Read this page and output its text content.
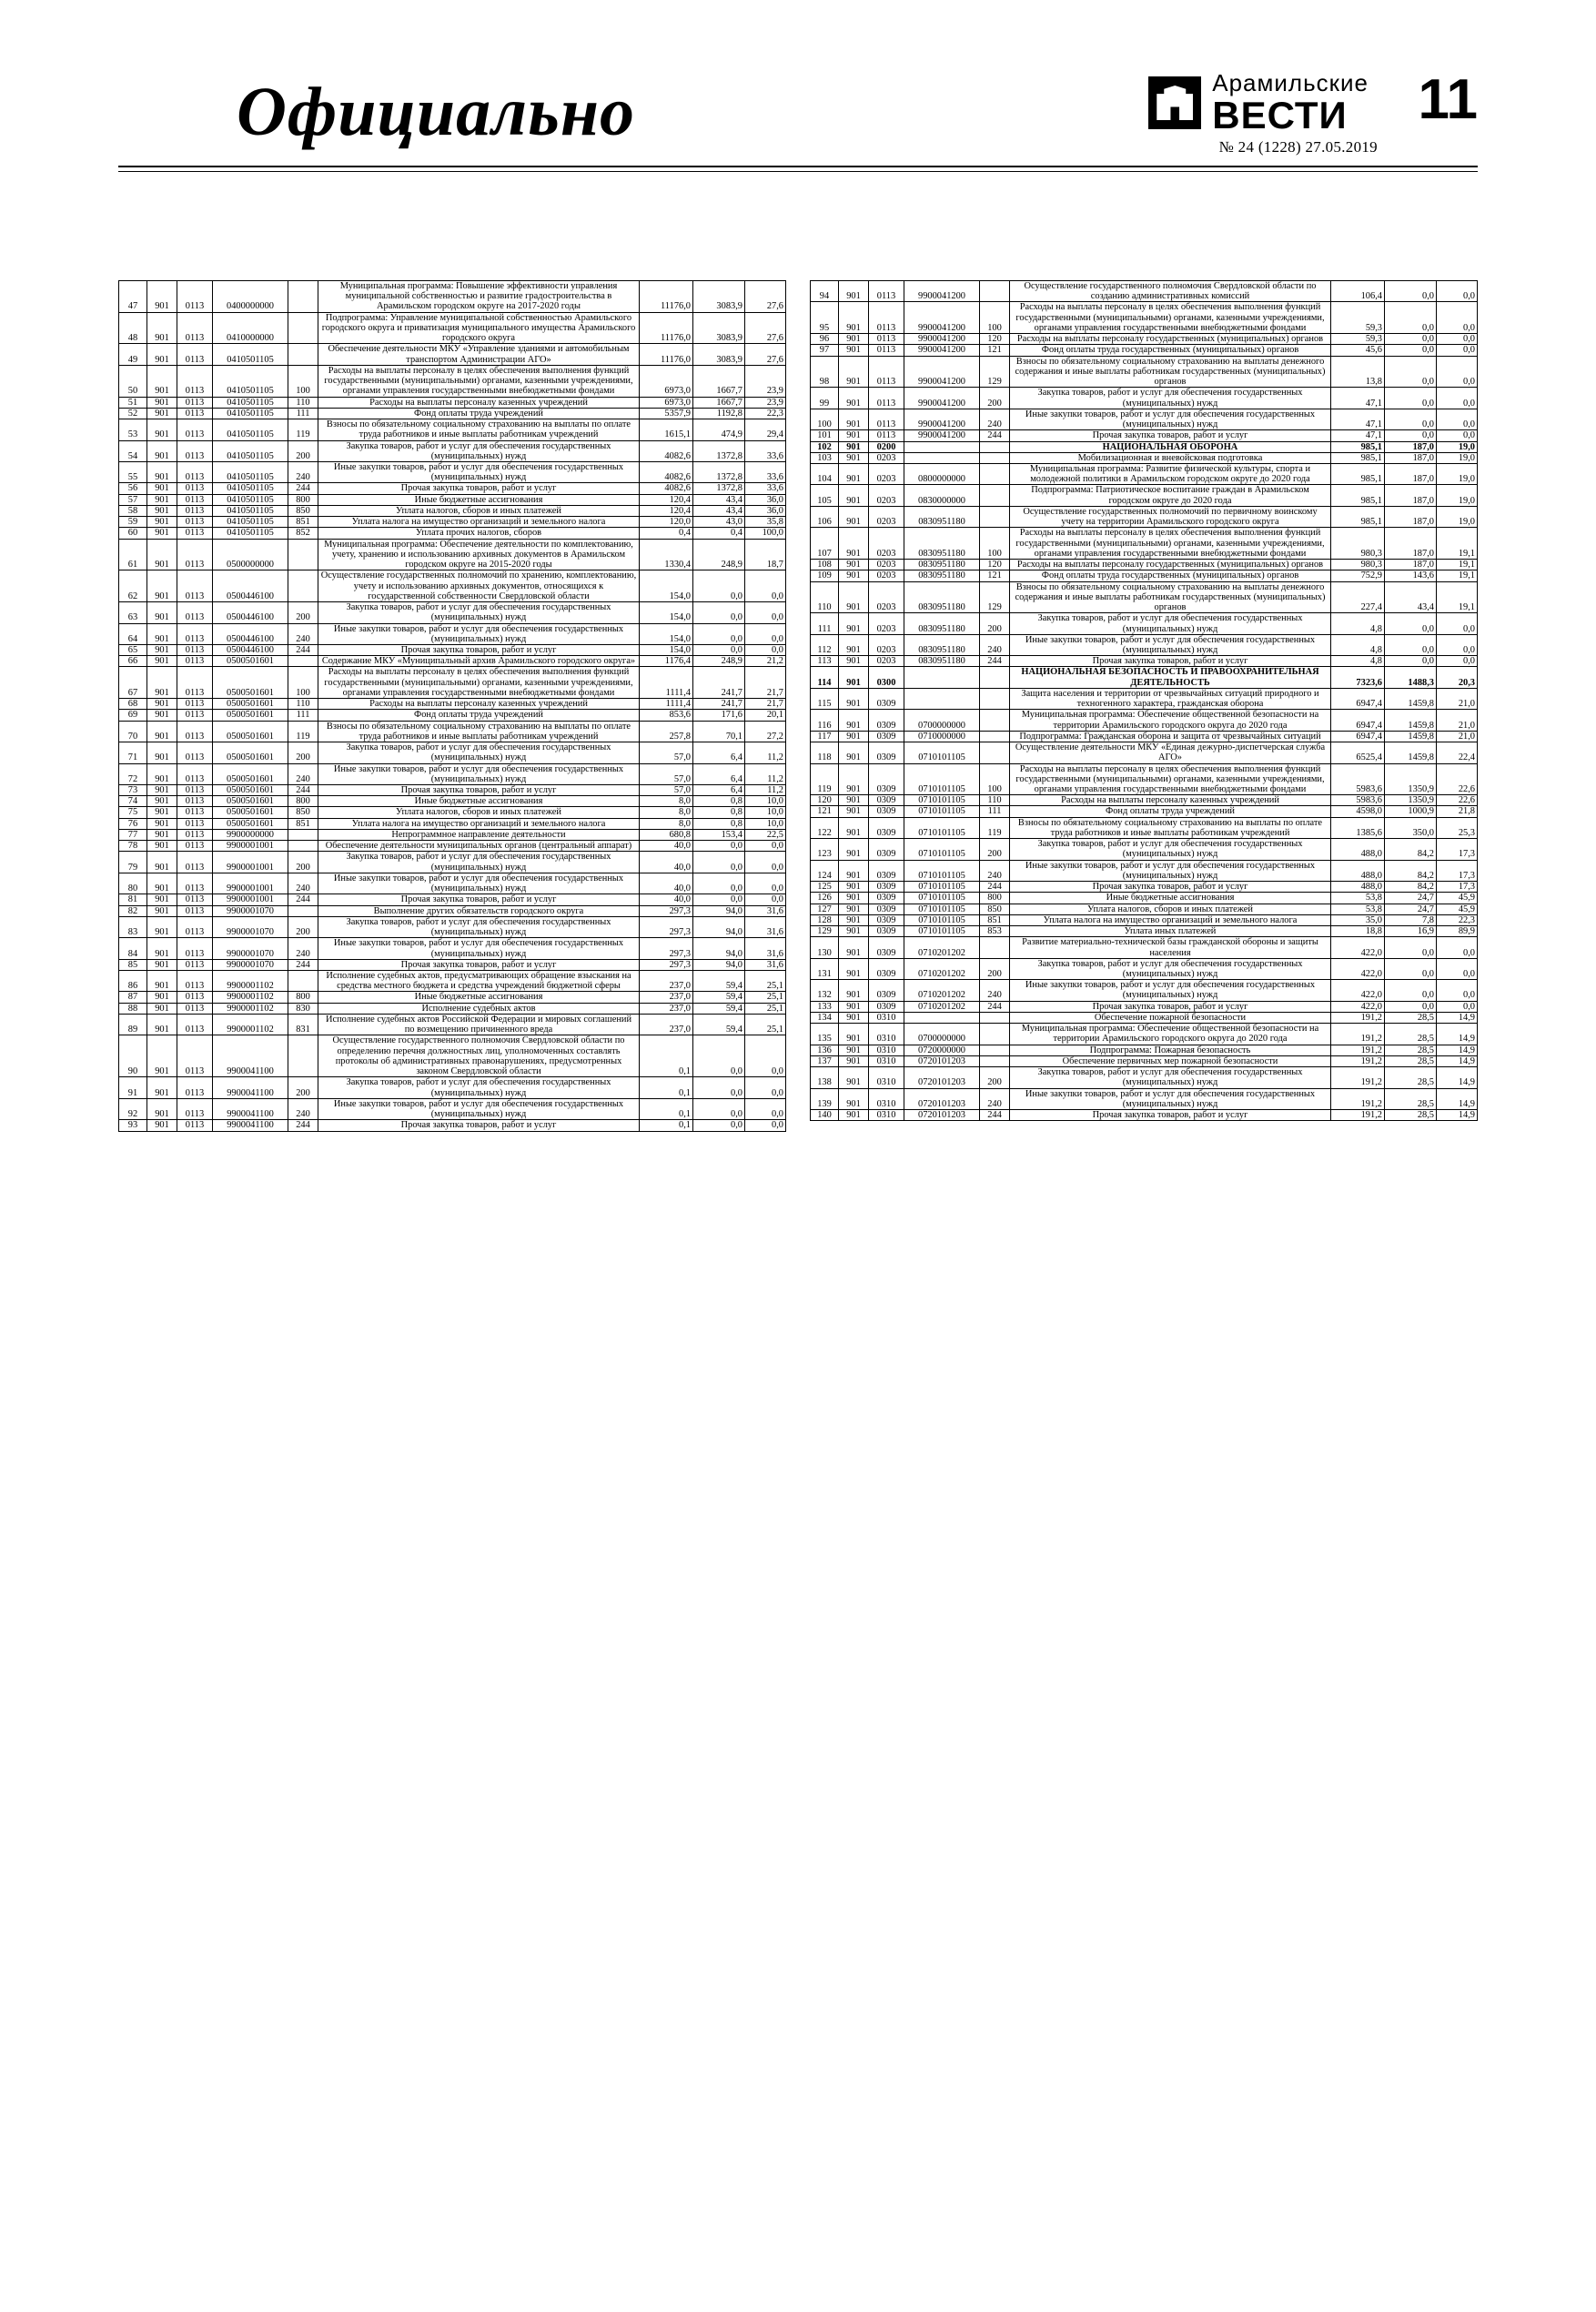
Официально	Арамильские
ВЕСТИ	11
№ 24 (1228) 27.05.2019
47	901	0113	0400000000		Муниципальная программа: Повышение эффективности управления муниципальной собственностью и развитие градостроительства в Арамильском городском округе на 2017-2020 годы	11176,0	3083,9	27,6
48	901	0113	0410000000		Подпрограмма: Управление муниципальной собственностью Арамильского городского округа и приватизация муниципального имущества Арамильского городского округа	11176,0	3083,9	27,6
49	901	0113	0410501105		Обеспечение деятельности МКУ «Управление зданиями и автомобильным транспортом Администрации АГО»	11176,0	3083,9	27,6
50	901	0113	0410501105	100	Расходы на выплаты персоналу в целях обеспечения выполнения функций государственными (муниципальными) органами, казенными учреждениями, органами управления государственными внебюджетными фондами	6973,0	1667,7	23,9
51	901	0113	0410501105	110	Расходы на выплаты персоналу казенных учреждений	6973,0	1667,7	23,9
52	901	0113	0410501105	111	Фонд оплаты труда учреждений	5357,9	1192,8	22,3
53	901	0113	0410501105	119	Взносы по обязательному социальному страхованию на выплаты по оплате труда работников и иные выплаты работникам учреждений	1615,1	474,9	29,4
54	901	0113	0410501105	200	Закупка товаров, работ и услуг для обеспечения государственных (муниципальных) нужд	4082,6	1372,8	33,6
55	901	0113	0410501105	240	Иные закупки товаров, работ и услуг для обеспечения государственных (муниципальных) нужд	4082,6	1372,8	33,6
56	901	0113	0410501105	244	Прочая закупка товаров, работ и услуг	4082,6	1372,8	33,6
57	901	0113	0410501105	800	Иные бюджетные ассигнования	120,4	43,4	36,0
58	901	0113	0410501105	850	Уплата налогов, сборов и иных платежей	120,4	43,4	36,0
59	901	0113	0410501105	851	Уплата налога на имущество организаций и земельного налога	120,0	43,0	35,8
60	901	0113	0410501105	852	Уплата прочих налогов, сборов	0,4	0,4	100,0
61	901	0113	0500000000		Муниципальная программа: Обеспечение деятельности по комплектованию, учету, хранению и использованию архивных документов в Арамильском городском округе на 2015-2020 годы	1330,4	248,9	18,7
62	901	0113	0500446100		Осуществление государственных полномочий по хранению, комплектованию, учету и использованию архивных документов, относящихся к государственной собственности Свердловской области	154,0	0,0	0,0
63	901	0113	0500446100	200	Закупка товаров, работ и услуг для обеспечения государственных (муниципальных) нужд	154,0	0,0	0,0
64	901	0113	0500446100	240	Иные закупки товаров, работ и услуг для обеспечения государственных (муниципальных) нужд	154,0	0,0	0,0
65	901	0113	0500446100	244	Прочая закупка товаров, работ и услуг	154,0	0,0	0,0
66	901	0113	0500501601		Содержание МКУ «Муниципальный архив Арамильского городского округа»	1176,4	248,9	21,2
67	901	0113	0500501601	100	Расходы на выплаты персоналу в целях обеспечения выполнения функций государственными (муниципальными) органами, казенными учреждениями, органами управления государственными внебюджетными фондами	1111,4	241,7	21,7
68	901	0113	0500501601	110	Расходы на выплаты персоналу казенных учреждений	1111,4	241,7	21,7
69	901	0113	0500501601	111	Фонд оплаты труда учреждений	853,6	171,6	20,1
70	901	0113	0500501601	119	Взносы по обязательному социальному страхованию на выплаты по оплате труда работников и иные выплаты работникам учреждений	257,8	70,1	27,2
71	901	0113	0500501601	200	Закупка товаров, работ и услуг для обеспечения государственных (муниципальных) нужд	57,0	6,4	11,2
72	901	0113	0500501601	240	Иные закупки товаров, работ и услуг для обеспечения государственных (муниципальных) нужд	57,0	6,4	11,2
73	901	0113	0500501601	244	Прочая закупка товаров, работ и услуг	57,0	6,4	11,2
74	901	0113	0500501601	800	Иные бюджетные ассигнования	8,0	0,8	10,0
75	901	0113	0500501601	850	Уплата налогов, сборов и иных платежей	8,0	0,8	10,0
76	901	0113	0500501601	851	Уплата налога на имущество организаций и земельного налога	8,0	0,8	10,0
77	901	0113	9900000000		Непрограммное направление деятельности	680,8	153,4	22,5
78	901	0113	9900001001		Обеспечение деятельности муниципальных органов (центральный аппарат)	40,0	0,0	0,0
79	901	0113	9900001001	200	Закупка товаров, работ и услуг для обеспечения государственных (муниципальных) нужд	40,0	0,0	0,0
80	901	0113	9900001001	240	Иные закупки товаров, работ и услуг для обеспечения государственных (муниципальных) нужд	40,0	0,0	0,0
81	901	0113	9900001001	244	Прочая закупка товаров, работ и услуг	40,0	0,0	0,0
82	901	0113	9900001070		Выполнение других обязательств городского округа	297,3	94,0	31,6
83	901	0113	9900001070	200	Закупка товаров, работ и услуг для обеспечения государственных (муниципальных) нужд	297,3	94,0	31,6
84	901	0113	9900001070	240	Иные закупки товаров, работ и услуг для обеспечения государственных (муниципальных) нужд	297,3	94,0	31,6
85	901	0113	9900001070	244	Прочая закупка товаров, работ и услуг	297,3	94,0	31,6
86	901	0113	9900001102		Исполнение судебных актов, предусматривающих обращение взыскания на средства местного бюджета и средства учреждений бюджетной сферы	237,0	59,4	25,1
87	901	0113	9900001102	800	Иные бюджетные ассигнования	237,0	59,4	25,1
88	901	0113	9900001102	830	Исполнение судебных актов	237,0	59,4	25,1
89	901	0113	9900001102	831	Исполнение судебных актов Российской Федерации и мировых соглашений по возмещению причиненного вреда	237,0	59,4	25,1
90	901	0113	9900041100		Осуществление государственного полномочия Свердловской области по определению перечня должностных лиц, уполномоченных составлять протоколы об административных правонарушениях, предусмотренных законом Свердловской области	0,1	0,0	0,0
91	901	0113	9900041100	200	Закупка товаров, работ и услуг для обеспечения государственных (муниципальных) нужд	0,1	0,0	0,0
92	901	0113	9900041100	240	Иные закупки товаров, работ и услуг для обеспечения государственных (муниципальных) нужд	0,1	0,0	0,0
93	901	0113	9900041100	244	Прочая закупка товаров, работ и услуг	0,1	0,0	0,0
94	901	0113	9900041200		Осуществление государственного полномочия Свердловской области по созданию административных комиссий	106,4	0,0	0,0
95	901	0113	9900041200	100	Расходы на выплаты персоналу в целях обеспечения выполнения функций государственными (муниципальными) органами, казенными учреждениями, органами управления государственными внебюджетными фондами	59,3	0,0	0,0
96	901	0113	9900041200	120	Расходы на выплаты персоналу государственных (муниципальных) органов	59,3	0,0	0,0
97	901	0113	9900041200	121	Фонд оплаты труда государственных (муниципальных) органов	45,6	0,0	0,0
98	901	0113	9900041200	129	Взносы по обязательному социальному страхованию на выплаты денежного содержания и иные выплаты работникам государственных (муниципальных) органов	13,8	0,0	0,0
99	901	0113	9900041200	200	Закупка товаров, работ и услуг для обеспечения государственных (муниципальных) нужд	47,1	0,0	0,0
100	901	0113	9900041200	240	Иные закупки товаров, работ и услуг для обеспечения государственных (муниципальных) нужд	47,1	0,0	0,0
101	901	0113	9900041200	244	Прочая закупка товаров, работ и услуг	47,1	0,0	0,0
102	901	0200			НАЦИОНАЛЬНАЯ ОБОРОНА	985,1	187,0	19,0
103	901	0203			Мобилизационная и вневойсковая подготовка	985,1	187,0	19,0
104	901	0203	0800000000		Муниципальная программа: Развитие физической культуры, спорта и молодежной политики в Арамильском городском округе до 2020 года	985,1	187,0	19,0
105	901	0203	0830000000		Подпрограмма: Патриотическое воспитание граждан в Арамильском городском округе до 2020 года	985,1	187,0	19,0
106	901	0203	0830951180		Осуществление государственных полномочий по первичному воинскому учету на территории Арамильского городского округа	985,1	187,0	19,0
107	901	0203	0830951180	100	Расходы на выплаты персоналу в целях обеспечения выполнения функций государственными (муниципальными) органами, казенными учреждениями, органами управления государственными внебюджетными фондами	980,3	187,0	19,1
108	901	0203	0830951180	120	Расходы на выплаты персоналу государственных (муниципальных) органов	980,3	187,0	19,1
109	901	0203	0830951180	121	Фонд оплаты труда государственных (муниципальных) органов	752,9	143,6	19,1
110	901	0203	0830951180	129	Взносы по обязательному социальному страхованию на выплаты денежного содержания и иные выплаты работникам государственных (муниципальных) органов	227,4	43,4	19,1
111	901	0203	0830951180	200	Закупка товаров, работ и услуг для обеспечения государственных (муниципальных) нужд	4,8	0,0	0,0
112	901	0203	0830951180	240	Иные закупки товаров, работ и услуг для обеспечения государственных (муниципальных) нужд	4,8	0,0	0,0
113	901	0203	0830951180	244	Прочая закупка товаров, работ и услуг	4,8	0,0	0,0
114	901	0300			НАЦИОНАЛЬНАЯ БЕЗОПАСНОСТЬ И ПРАВООХРАНИТЕЛЬНАЯ ДЕЯТЕЛЬНОСТЬ	7323,6	1488,3	20,3
115	901	0309			Защита населения и территории от чрезвычайных ситуаций природного и техногенного характера, гражданская оборона	6947,4	1459,8	21,0
116	901	0309	0700000000		Муниципальная программа: Обеспечение общественной безопасности на территории Арамильского городского округа до 2020 года	6947,4	1459,8	21,0
117	901	0309	0710000000		Подпрограмма: Гражданская оборона и защита от чрезвычайных ситуаций	6947,4	1459,8	21,0
118	901	0309	0710101105		Осуществление деятельности МКУ «Единая дежурно-диспетчерская служба АГО»	6525,4	1459,8	22,4
119	901	0309	0710101105	100	Расходы на выплаты персоналу в целях обеспечения выполнения функций государственными (муниципальными) органами, казенными учреждениями, органами управления государственными внебюджетными фондами	5983,6	1350,9	22,6
120	901	0309	0710101105	110	Расходы на выплаты персоналу казенных учреждений	5983,6	1350,9	22,6
121	901	0309	0710101105	111	Фонд оплаты труда учреждений	4598,0	1000,9	21,8
122	901	0309	0710101105	119	Взносы по обязательному социальному страхованию на выплаты по оплате труда работников и иные выплаты работникам учреждений	1385,6	350,0	25,3
123	901	0309	0710101105	200	Закупка товаров, работ и услуг для обеспечения государственных (муниципальных) нужд	488,0	84,2	17,3
124	901	0309	0710101105	240	Иные закупки товаров, работ и услуг для обеспечения государственных (муниципальных) нужд	488,0	84,2	17,3
125	901	0309	0710101105	244	Прочая закупка товаров, работ и услуг	488,0	84,2	17,3
126	901	0309	0710101105	800	Иные бюджетные ассигнования	53,8	24,7	45,9
127	901	0309	0710101105	850	Уплата налогов, сборов и иных платежей	53,8	24,7	45,9
128	901	0309	0710101105	851	Уплата налога на имущество организаций и земельного налога	35,0	7,8	22,3
129	901	0309	0710101105	853	Уплата иных платежей	18,8	16,9	89,9
130	901	0309	0710201202		Развитие материально-технической базы гражданской обороны и защиты населения	422,0	0,0	0,0
131	901	0309	0710201202	200	Закупка товаров, работ и услуг для обеспечения государственных (муниципальных) нужд	422,0	0,0	0,0
132	901	0309	0710201202	240	Иные закупки товаров, работ и услуг для обеспечения государственных (муниципальных) нужд	422,0	0,0	0,0
133	901	0309	0710201202	244	Прочая закупка товаров, работ и услуг	422,0	0,0	0,0
134	901	0310			Обеспечение пожарной безопасности	191,2	28,5	14,9
135	901	0310	0700000000		Муниципальная программа: Обеспечение общественной безопасности на территории Арамильского городского округа до 2020 года	191,2	28,5	14,9
136	901	0310	0720000000		Подпрограмма: Пожарная безопасность	191,2	28,5	14,9
137	901	0310	0720101203		Обеспечение первичных мер пожарной безопасности	191,2	28,5	14,9
138	901	0310	0720101203	200	Закупка товаров, работ и услуг для обеспечения государственных (муниципальных) нужд	191,2	28,5	14,9
139	901	0310	0720101203	240	Иные закупки товаров, работ и услуг для обеспечения государственных (муниципальных) нужд	191,2	28,5	14,9
140	901	0310	0720101203	244	Прочая закупка товаров, работ и услуг	191,2	28,5	14,9
